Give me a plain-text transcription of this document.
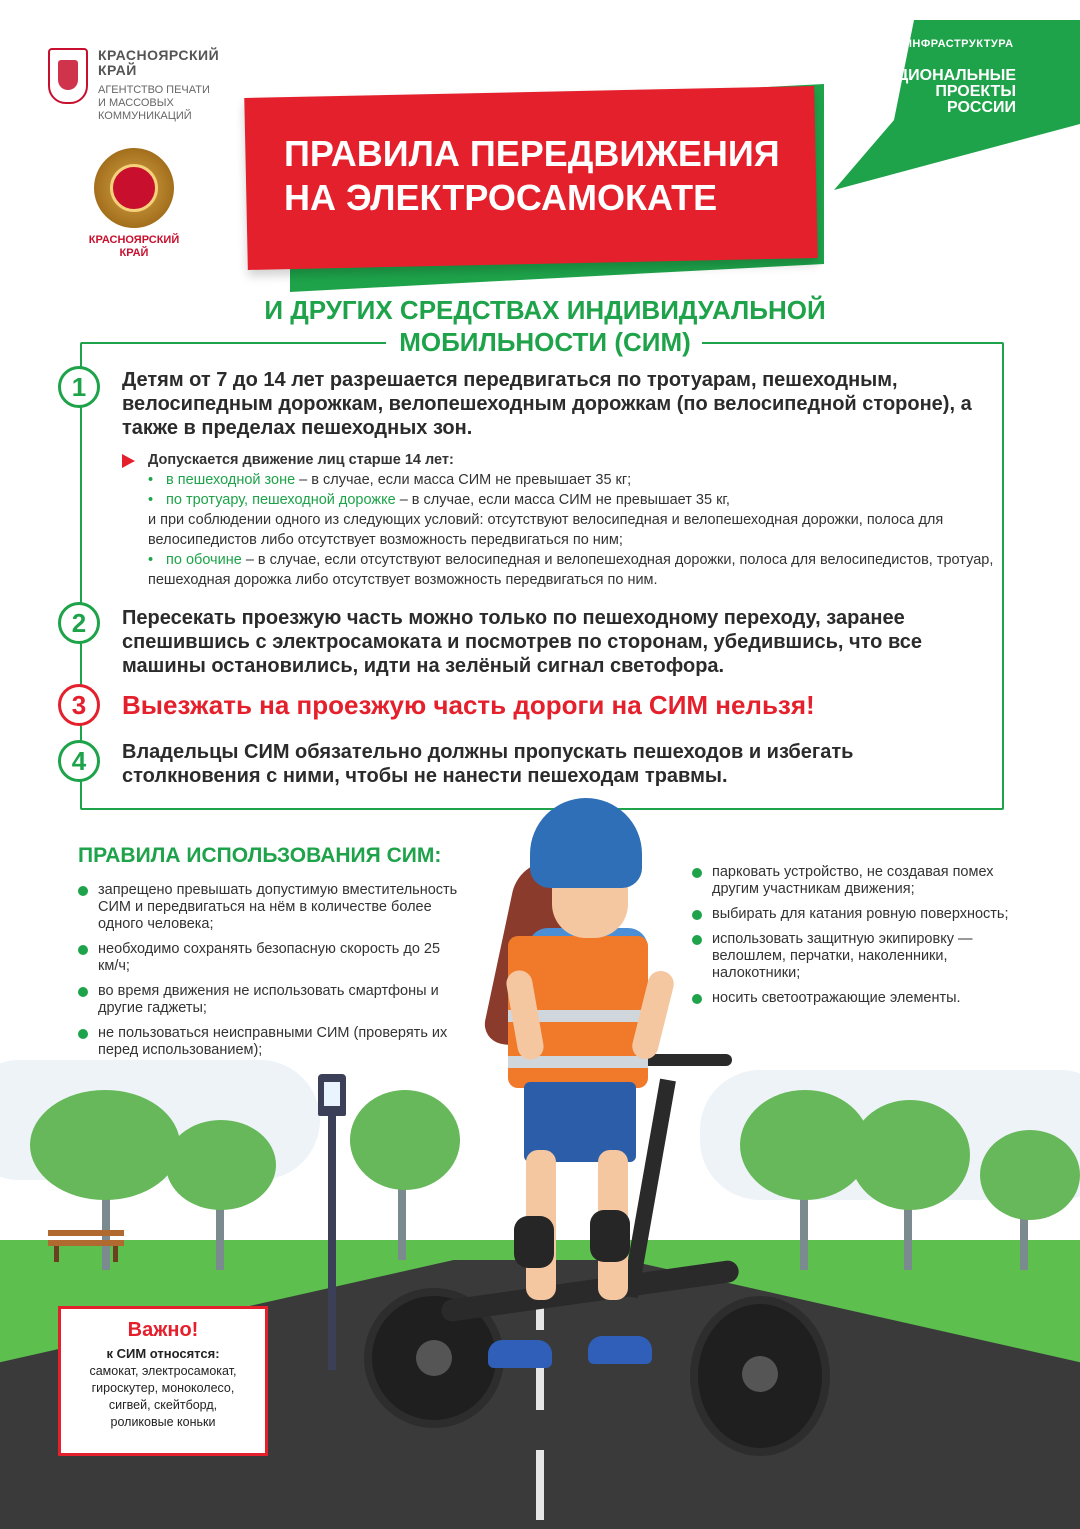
КРАСНОЯРСКИЙ
КРАЙ
АГЕНТСТВО ПЕЧАТИ
И МАССОВЫХ
КОММУНИКАЦИЙ
КРАСНОЯРСКИЙ
КРАЙ
ИНФРАСТРУКТУРА
НАЦИОНАЛЬНЫЕ
ПРОЕКТЫ
РОССИИ
ПРАВИЛА ПЕРЕДВИЖЕНИЯ
НА ЭЛЕКТРОСАМОКАТЕ
И ДРУГИХ СРЕДСТВАХ ИНДИВИДУАЛЬНОЙ
МОБИЛЬНОСТИ (СИМ)
1	Детям от 7 до 14 лет разрешается передвигаться по тротуарам, пешеходным, велосипедным дорожкам, велопешеходным дорожкам (по велосипедной стороне), а также в пределах пешеходных зон.
Допускается движение лиц старше 14 лет:
• в пешеходной зоне – в случае, если масса СИМ не превышает 35 кг;
• по тротуару, пешеходной дорожке – в случае, если масса СИМ не превышает 35 кг,
и при соблюдении одного из следующих условий: отсутствуют велосипедная и велопешеходная дорожки, полоса для велосипедистов либо отсутствует возможность передвигаться по ним;
• по обочине – в случае, если отсутствуют велосипедная и велопешеходная дорожки, полоса для велосипедистов, тротуар, пешеходная дорожка либо отсутствует возможность передвигаться по ним.
2	Пересекать проезжую часть можно только по пешеходному переходу, заранее спешившись с электросамоката и посмотрев по сторонам, убедившись, что все машины остановились, идти на зелёный сигнал светофора.
3	Выезжать на проезжую часть дороги на СИМ нельзя!
4	Владельцы СИМ обязательно должны пропускать пешеходов и избегать столкновения с ними, чтобы не нанести пешеходам травмы.
ПРАВИЛА ИСПОЛЬЗОВАНИЯ СИМ:
запрещено превышать допустимую вместительность СИМ и передвигаться на нём в количестве более одного человека;
необходимо сохранять безопасную скорость до 25 км/ч;
во время движения не использовать смартфоны и другие гаджеты;
не пользоваться неисправными СИМ (проверять их перед использованием);
парковать устройство, не создавая помех другим участникам движения;
выбирать для катания ровную поверхность;
использовать защитную экипировку — велошлем, перчатки, наколенники, налокотники;
носить светоотражающие элементы.
Важно!
к СИМ относятся:
самокат, электросамокат,
гироскутер, моноколесо,
сигвей, скейтборд,
роликовые коньки
